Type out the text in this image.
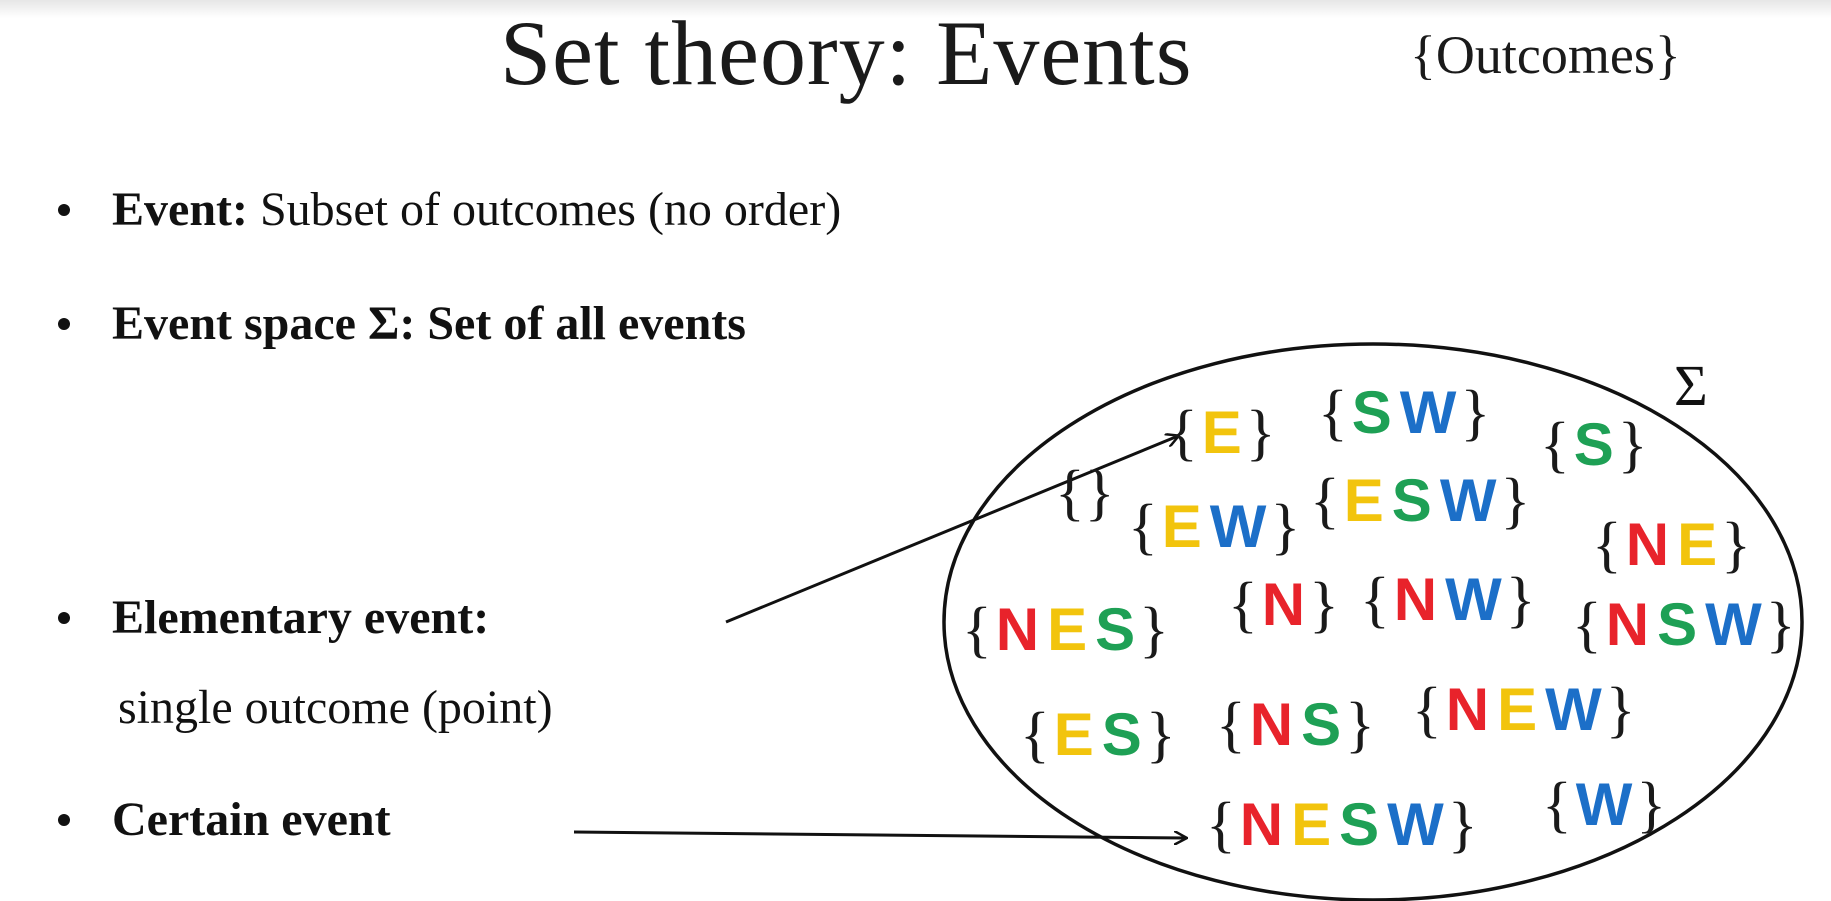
Set theory: Events	{Outcomes}
Event: Subset of outcomes (no order)
Event space Σ: Set of all events
Elementary event:
single outcome (point)
Certain event
Σ
{E} {S W} {S}
{} {E W} {E S W}
{N E}
{N E S} {N} {N W} {N S W}
{E S} {N S} {N E W}
{N E S W} {W}
